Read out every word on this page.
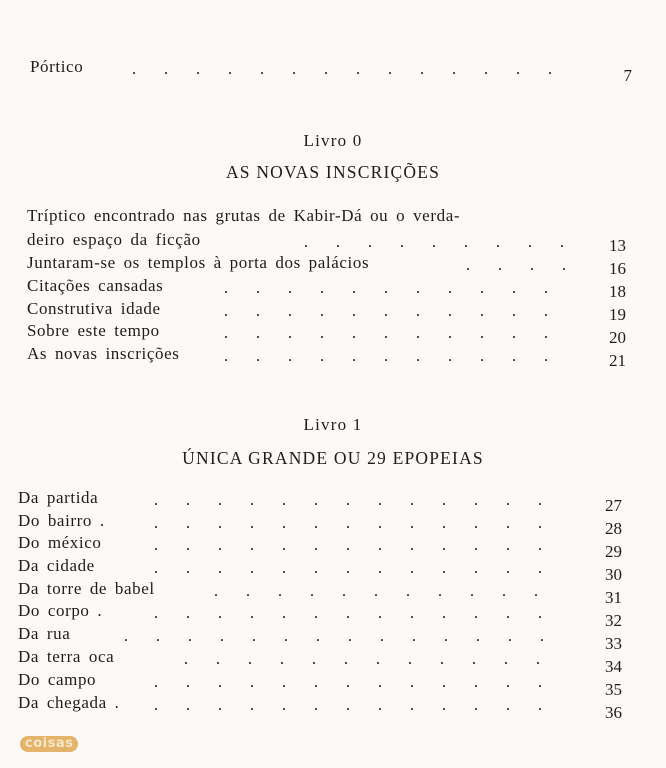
Pórtico	. . . . . . . . . . . . . .	7
Livro 0
AS NOVAS INSCRIÇÕES
Tríptico encontrado nas grutas de Kabir-Dá ou o verda-
deiro espaço da ficção	. . . . . . . . .	13
Juntaram-se os templos à porta dos palácios	. . . .	16
Citações cansadas	. . . . . . . . . . .	18
Construtiva idade	. . . . . . . . . . .	19
Sobre este tempo	. . . . . . . . . . .	20
As novas inscrições	. . . . . . . . . . .	21
Livro 1
ÚNICA GRANDE OU 29 EPOPEIAS
Da partida	. . . . . . . . . . . . .	27
Do bairro .	. . . . . . . . . . . . .	28
Do méxico	. . . . . . . . . . . . .	29
Da cidade	. . . . . . . . . . . . .	30
Da torre de babel	. . . . . . . . . . .	31
Do corpo .	. . . . . . . . . . . . .	32
Da rua	. . . . . . . . . . . . . .	33
Da terra oca	. . . . . . . . . . . .	34
Do campo	. . . . . . . . . . . . .	35
Da chegada .	. . . . . . . . . . . . .	36
coisas
